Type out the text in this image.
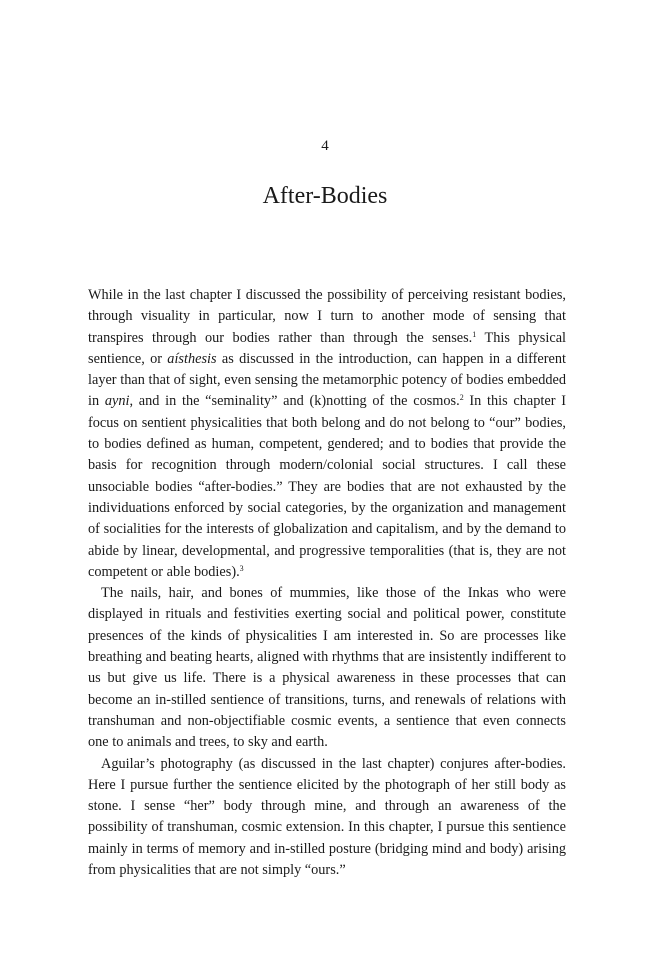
4
After-Bodies

While in the last chapter I discussed the possibility of perceiving resistant bodies, through visuality in particular, now I turn to another mode of sensing that transpires through our bodies rather than through the senses.$^1$ This physical sentience, or aísthesis as discussed in the introduction, can happen in a different layer than that of sight, even sensing the metamorphic potency of bodies embedded in ayni, and in the “seminality” and (k)notting of the cosmos.$^2$ In this chapter I focus on sentient physicalities that both belong and do not belong to “our” bodies, to bodies defined as human, competent, gendered; and to bodies that provide the basis for recognition through modern/colonial social structures. I call these unsociable bodies “after-bodies.” They are bodies that are not exhausted by the individuations enforced by social categories, by the organization and management of socialities for the interests of globalization and capitalism, and by the demand to abide by linear, developmental, and progressive temporalities (that is, they are not competent or able bodies).$^3$

The nails, hair, and bones of mummies, like those of the Inkas who were displayed in rituals and festivities exerting social and political power, constitute presences of the kinds of physicalities I am interested in. So are processes like breathing and beating hearts, aligned with rhythms that are insistently indifferent to us but give us life. There is a physical awareness in these processes that can become an in-stilled sentience of transitions, turns, and renewals of relations with transhuman and non-objectifiable cosmic events, a sentience that even connects one to animals and trees, to sky and earth.

Aguilar’s photography (as discussed in the last chapter) conjures after-bodies. Here I pursue further the sentience elicited by the photograph of her still body as stone. I sense “her” body through mine, and through an awareness of the possibility of transhuman, cosmic extension. In this chapter, I pursue this sentience mainly in terms of memory and in-stilled posture (bridging mind and body) arising from physicalities that are not simply “ours.”
